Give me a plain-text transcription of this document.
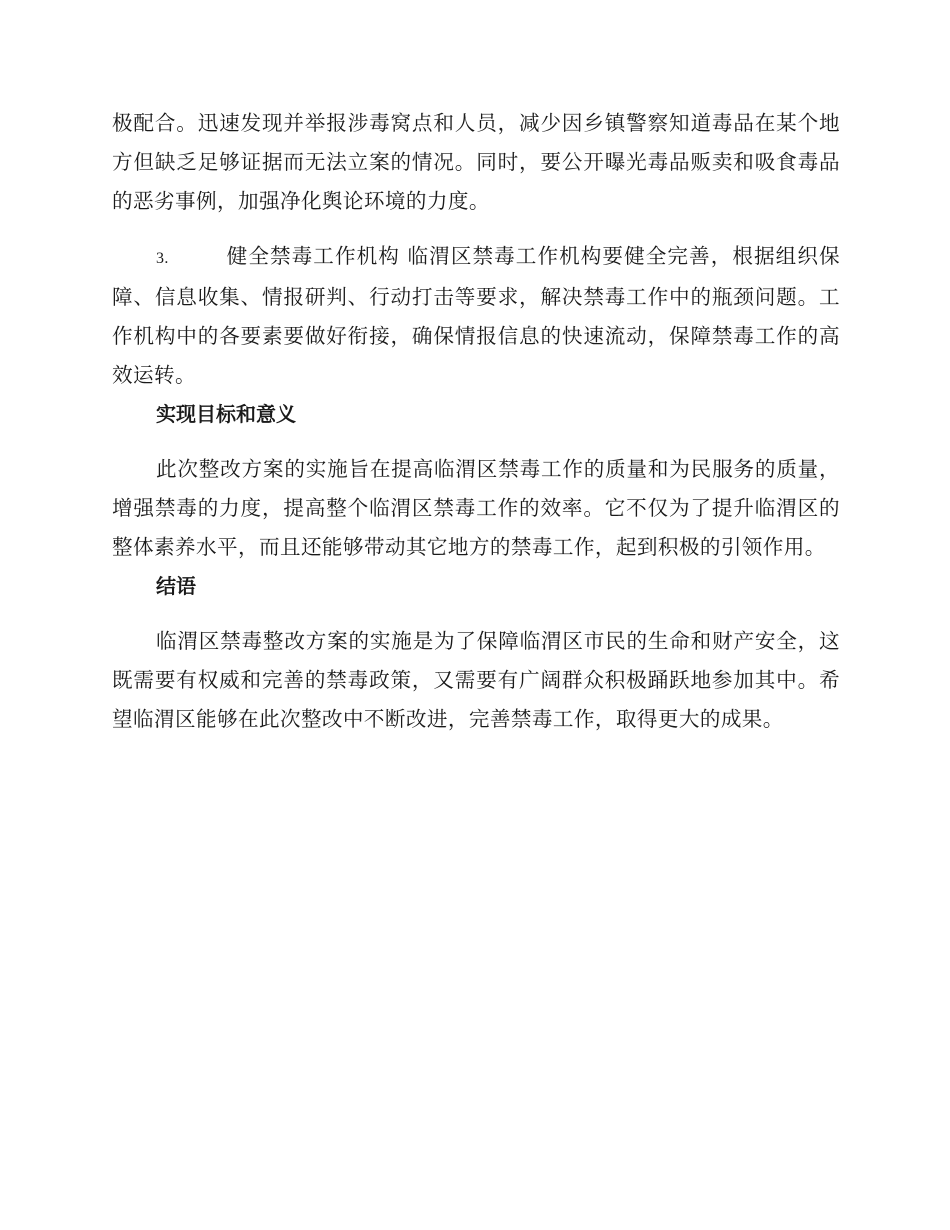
极配合。迅速发现并举报涉毒窝点和人员，减少因乡镇警察知道毒品在某个地方但缺乏足够证据而无法立案的情况。同时，要公开曝光毒品贩卖和吸食毒品的恶劣事例，加强净化舆论环境的力度。

3.	健全禁毒工作机构 临渭区禁毒工作机构要健全完善，根据组织保障、信息收集、情报研判、行动打击等要求，解决禁毒工作中的瓶颈问题。工作机构中的各要素要做好衔接，确保情报信息的快速流动，保障禁毒工作的高效运转。

实现目标和意义

此次整改方案的实施旨在提高临渭区禁毒工作的质量和为民服务的质量，增强禁毒的力度，提高整个临渭区禁毒工作的效率。它不仅为了提升临渭区的整体素养水平，而且还能够带动其它地方的禁毒工作，起到积极的引领作用。

结语

临渭区禁毒整改方案的实施是为了保障临渭区市民的生命和财产安全，这既需要有权威和完善的禁毒政策，又需要有广阔群众积极踊跃地参加其中。希望临渭区能够在此次整改中不断改进，完善禁毒工作，取得更大的成果。
